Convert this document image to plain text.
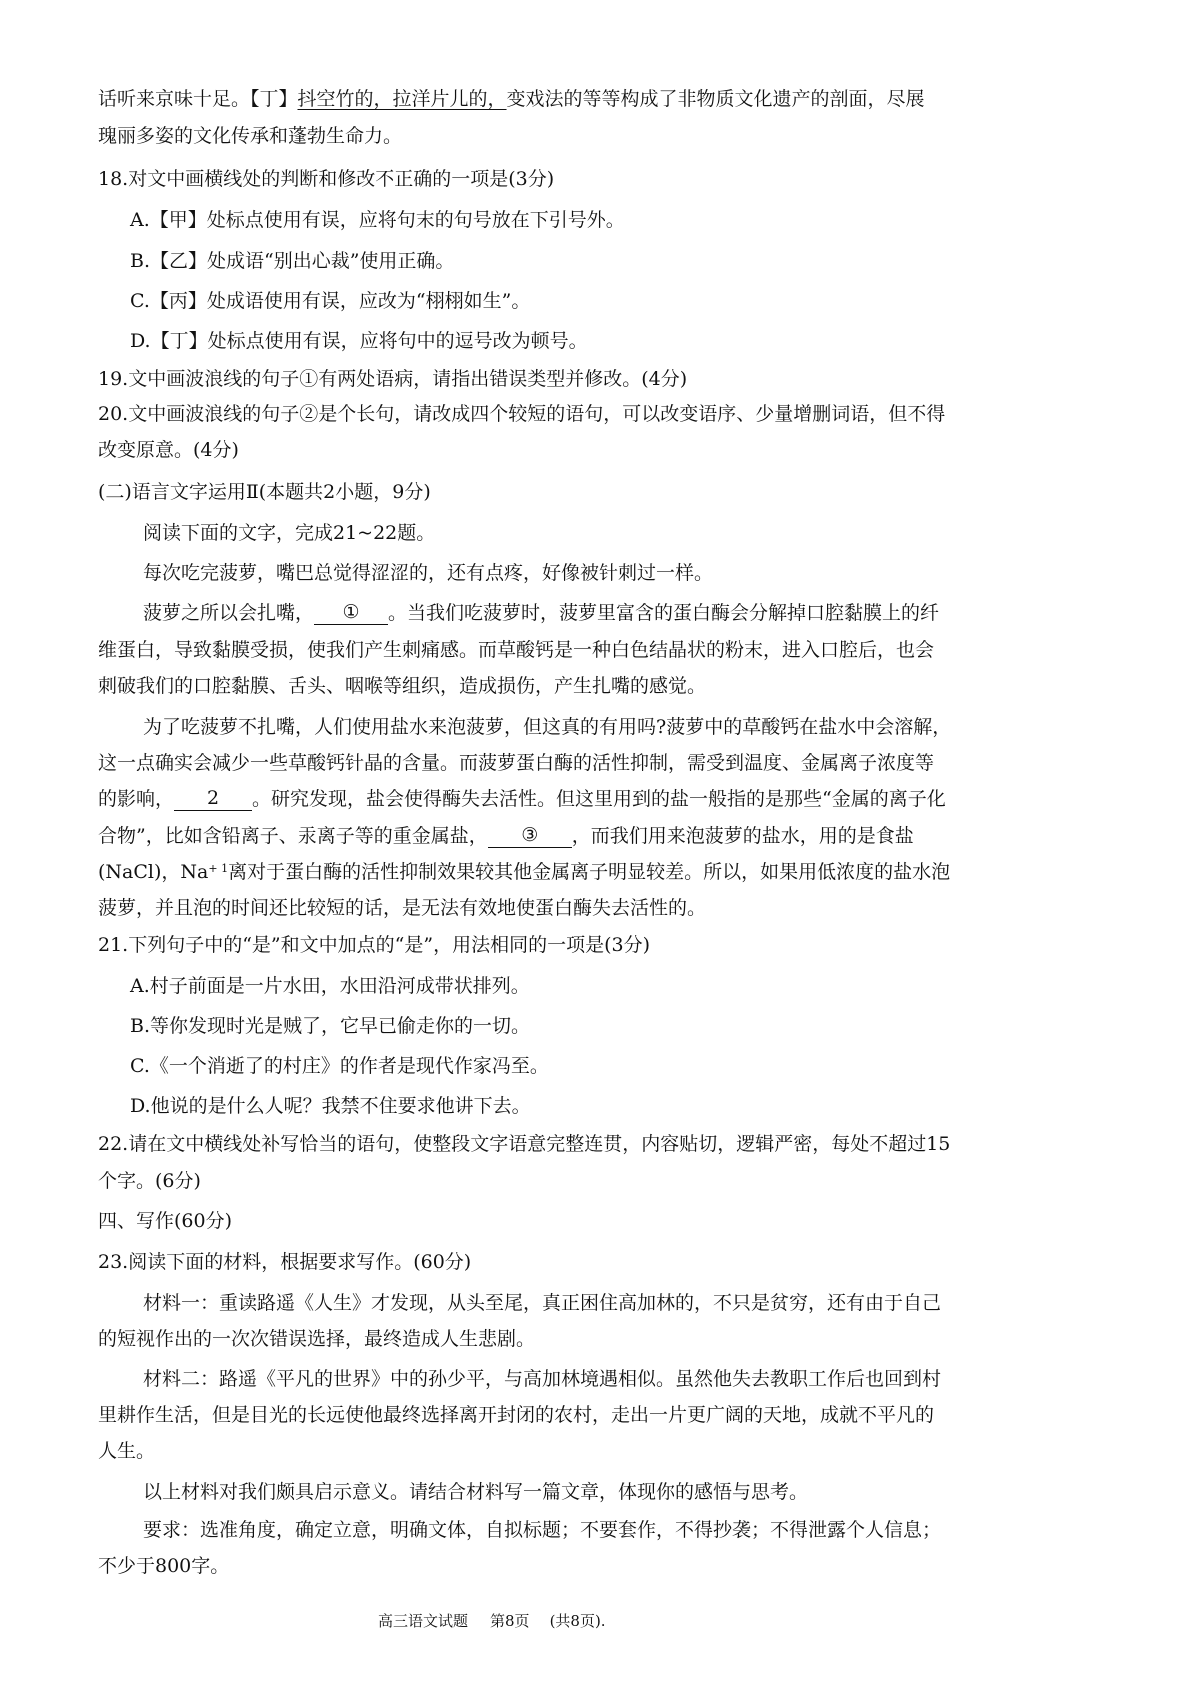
话听来京味十足。【丁】抖空竹的，拉洋片儿的，变戏法的等等构成了非物质文化遗产的剖面，尽展
瑰丽多姿的文化传承和蓬勃生命力。
18.对文中画横线处的判断和修改不正确的一项是(3分)
A.【甲】处标点使用有误，应将句末的句号放在下引号外。
B.【乙】处成语“别出心裁”使用正确。
C.【丙】处成语使用有误，应改为“栩栩如生”。
D.【丁】处标点使用有误，应将句中的逗号改为顿号。
19.文中画波浪线的句子①有两处语病，请指出错误类型并修改。(4分)
20.文中画波浪线的句子②是个长句，请改成四个较短的语句，可以改变语序、少量增删词语，但不得
改变原意。(4分)
(二)语言文字运用Ⅱ(本题共2小题，9分)
阅读下面的文字，完成21~22题。
每次吃完菠萝，嘴巴总觉得涩涩的，还有点疼，好像被针刺过一样。
菠萝之所以会扎嘴， ① 。当我们吃菠萝时，菠萝里富含的蛋白酶会分解掉口腔黏膜上的纤
维蛋白，导致黏膜受损，使我们产生刺痛感。而草酸钙是一种白色结晶状的粉末，进入口腔后，也会
刺破我们的口腔黏膜、舌头、咽喉等组织，造成损伤，产生扎嘴的感觉。
为了吃菠萝不扎嘴，人们使用盐水来泡菠萝，但这真的有用吗?菠萝中的草酸钙在盐水中会溶解，
这一点确实会减少一些草酸钙针晶的含量。而菠萝蛋白酶的活性抑制，需受到温度、金属离子浓度等
的影响， 2 。研究发现，盐会使得酶失去活性。但这里用到的盐一般指的是那些“金属的离子化
合物”，比如含铅离子、汞离子等的重金属盐， ③ ，而我们用来泡菠萝的盐水，用的是食盐
(NaCl)，$Na^{+ 1}$离对于蛋白酶的活性抑制效果较其他金属离子明显较差。所以，如果用低浓度的盐水泡
菠萝，并且泡的时间还比较短的话，是无法有效地使蛋白酶失去活性的。
21.下列句子中的“是”和文中加点的“是”，用法相同的一项是(3分)
A.村子前面是一片水田，水田沿河成带状排列。
B.等你发现时光是贼了，它早已偷走你的一切。
C.《一个消逝了的村庄》的作者是现代作家冯至。
D.他说的是什么人呢？我禁不住要求他讲下去。
22.请在文中横线处补写恰当的语句，使整段文字语意完整连贯，内容贴切，逻辑严密，每处不超过15
个字。(6分)
四、写作(60分)
23.阅读下面的材料，根据要求写作。(60分)
材料一：重读路遥《人生》才发现，从头至尾，真正困住高加林的，不只是贫穷，还有由于自己
的短视作出的一次次错误选择，最终造成人生悲剧。
材料二：路遥《平凡的世界》中的孙少平，与高加林境遇相似。虽然他失去教职工作后也回到村
里耕作生活，但是目光的长远使他最终选择离开封闭的农村，走出一片更广阔的天地，成就不平凡的
人生。
以上材料对我们颇具启示意义。请结合材料写一篇文章，体现你的感悟与思考。
要求：选准角度，确定立意，明确文体，自拟标题；不要套作，不得抄袭；不得泄露个人信息；
不少于800字。
高三语文试题 第8页 (共8页).
